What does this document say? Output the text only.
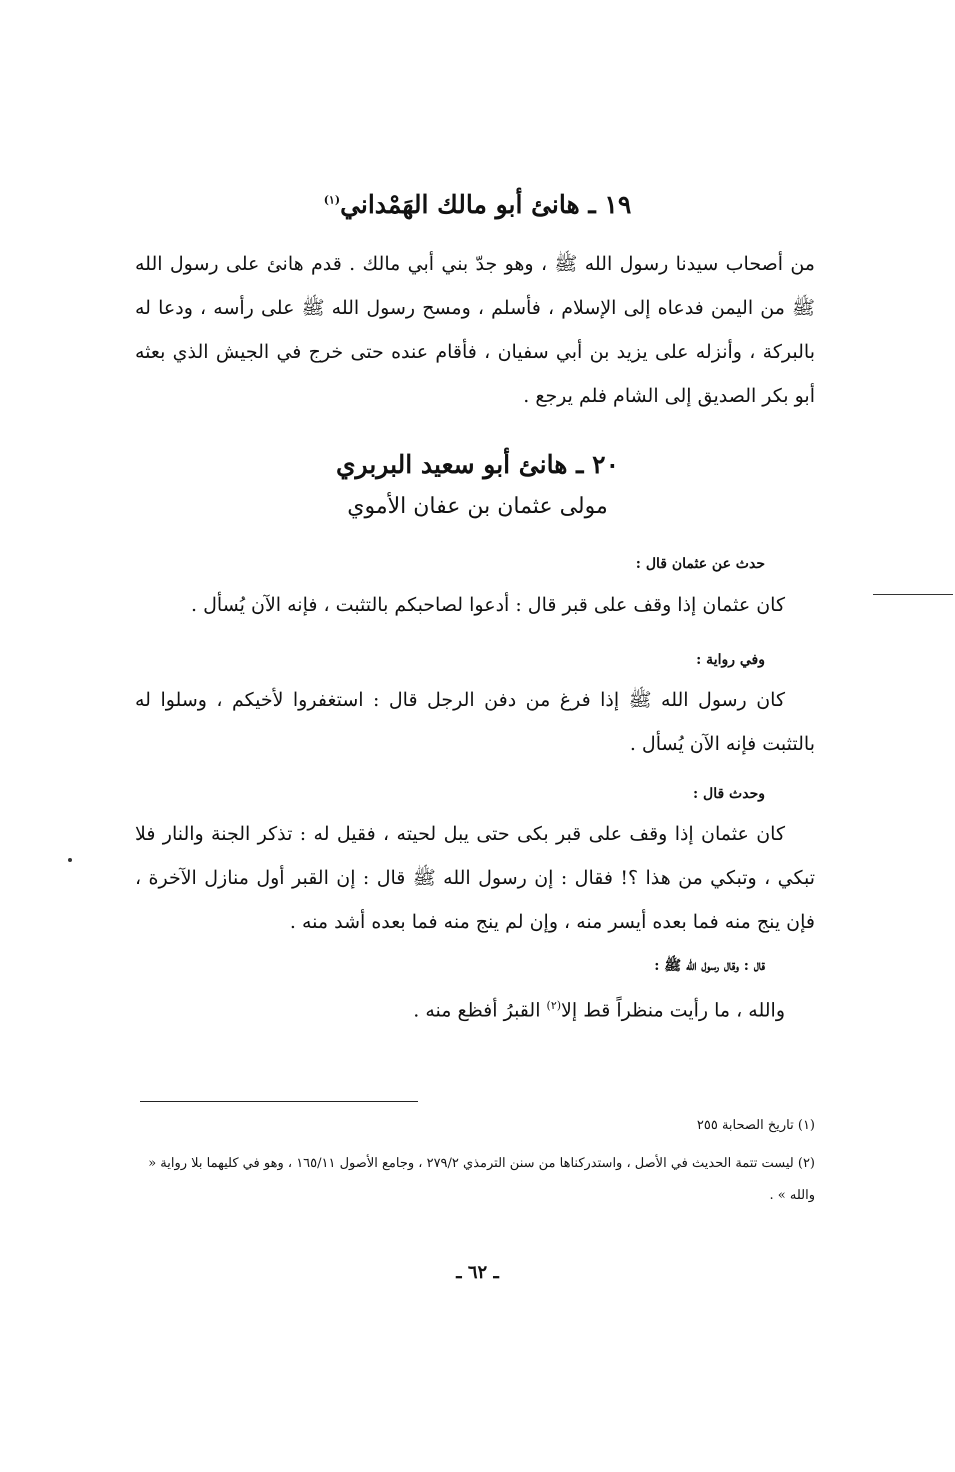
١٩ ـ هانئ أبو مالك الهَمْداني$^{(١)}$
من أصحاب سيدنا رسول الله ﷺ ، وهو جدّ بني أبي مالك . قدم هانئ على رسول الله ﷺ من اليمن فدعاه إلى الإسلام ، فأسلم ، ومسح رسول الله ﷺ على رأسه ، ودعا له بالبركة ، وأنزله على يزيد بن أبي سفيان ، فأقام عنده حتى خرج في الجيش الذي بعثه أبو بكر الصديق إلى الشام فلم يرجع .
٢٠ ـ هانئ أبو سعيد البربري
مولى عثمان بن عفان الأموي
حدث عن عثمان قال :
كان عثمان إذا وقف على قبر قال : أدعوا لصاحبكم بالتثبت ، فإنه الآن يُسأل .
وفي رواية :
كان رسول الله ﷺ إذا فرغ من دفن الرجل قال : استغفروا لأخيكم ، وسلوا له بالتثبت فإنه الآن يُسأل .
وحدث قال :
كان عثمان إذا وقف على قبر بكى حتى يبل لحيته ، فقيل له : تذكر الجنة والنار فلا تبكي ، وتبكي من هذا ؟! فقال : إن رسول الله ﷺ قال : إن القبر أول منازل الآخرة ، فإن ينج منه فما بعده أيسر منه ، وإن لم ينج منه فما بعده أشد منه .
قال : وقال رسول الله ﷺ :
والله ، ما رأيت منظراً قط إلا$^{(٢)}$ القبرُ أفظع منه .
(١) تاريخ الصحابة ٢٥٥
(٢) ليست تتمة الحديث في الأصل ، واستدركناها من سنن الترمذي ٢٧٩/٢ ، وجامع الأصول ١٦٥/١١ ، وهو في كليهما بلا رواية « والله » .
ـ ٦٢ ـ
